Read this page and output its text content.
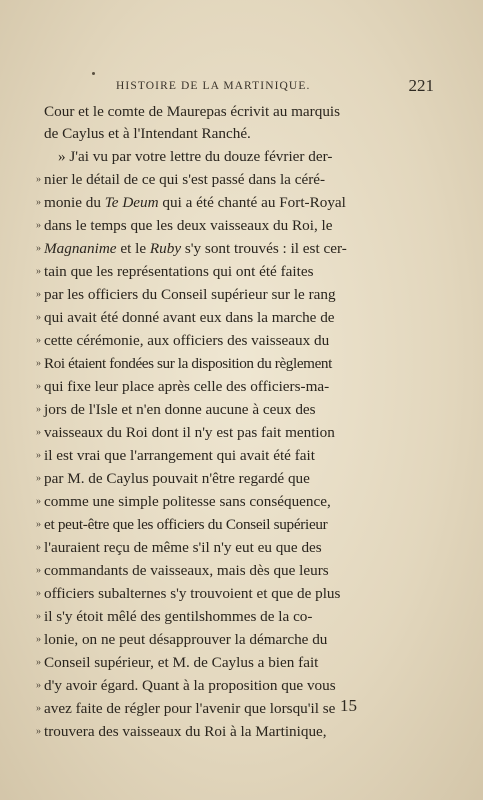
HISTOIRE DE LA MARTINIQUE.	221
Cour et le comte de Maurepas écrivit au marquis
de Caylus et à l'Intendant Ranché.
» J'ai vu par votre lettre du douze février der-
» nier le détail de ce qui s'est passé dans la céré-
» monie du Te Deum qui a été chanté au Fort-Royal
» dans le temps que les deux vaisseaux du Roi, le
» Magnanime et le Ruby s'y sont trouvés : il est cer-
» tain que les représentations qui ont été faites
» par les officiers du Conseil supérieur sur le rang
» qui avait été donné avant eux dans la marche de
» cette cérémonie, aux officiers des vaisseaux du
» Roi étaient fondées sur la disposition du règlement
» qui fixe leur place après celle des officiers-ma-
» jors de l'Isle et n'en donne aucune à ceux des
» vaisseaux du Roi dont il n'y est pas fait mention
» il est vrai que l'arrangement qui avait été fait
» par M. de Caylus pouvait n'être regardé que
» comme une simple politesse sans conséquence,
» et peut-être que les officiers du Conseil supérieur
» l'auraient reçu de même s'il n'y eut eu que des
» commandants de vaisseaux, mais dès que leurs
» officiers subalternes s'y trouvoient et que de plus
» il s'y étoit mêlé des gentilshommes de la co-
» lonie, on ne peut désapprouver la démarche du
» Conseil supérieur, et M. de Caylus a bien fait
» d'y avoir égard. Quant à la proposition que vous
» avez faite de régler pour l'avenir que lorsqu'il se
» trouvera des vaisseaux du Roi à la Martinique,
15
